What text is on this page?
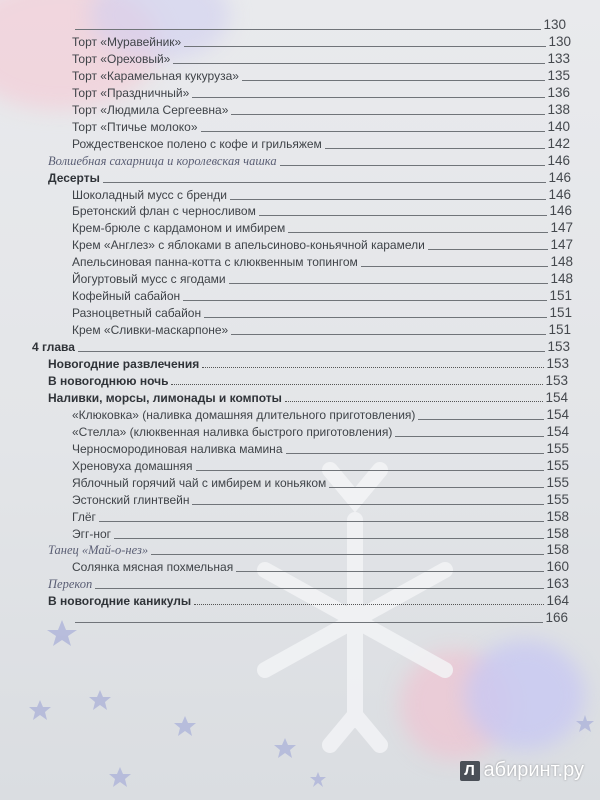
130
Торт «Муравейник»	130
Торт «Ореховый»	133
Торт «Карамельная кукуруза»	135
Торт «Праздничный»	136
Торт «Людмила Сергеевна»	138
Торт «Птичье молоко»	140
Рождественское полено с кофе и грильяжем	142
Волшебная сахарница и королевская чашка	146
Десерты	146
Шоколадный мусс с бренди	146
Бретонский флан с черносливом	146
Крем-брюле с кардамоном и имбирем	147
Крем «Англез» с яблоками в апельсиново-коньячной карамели	147
Апельсиновая панна-котта с клюквенным топингом	148
Йогуртовый мусс с ягодами	148
Кофейный сабайон	151
Разноцветный сабайон	151
Крем «Сливки-маскарпоне»	151
4 глава	153
Новогодние развлечения	153
В новогоднюю ночь	153
Наливки, морсы, лимонады и компоты	154
«Клюковка» (наливка домашняя длительного приготовления)	154
«Стелла» (клюквенная наливка быстрого приготовления)	154
Черносмородиновая наливка мамина	155
Хреновуха домашняя	155
Яблочный горячий чай с имбирем и коньяком	155
Эстонский глинтвейн	155
Глёг	158
Эгг-ног	158
Танец «Май-о-нез»	158
Солянка мясная похмельная	160
Перекоп	163
В новогодние каникулы	164
166
Л абиринт.ру
